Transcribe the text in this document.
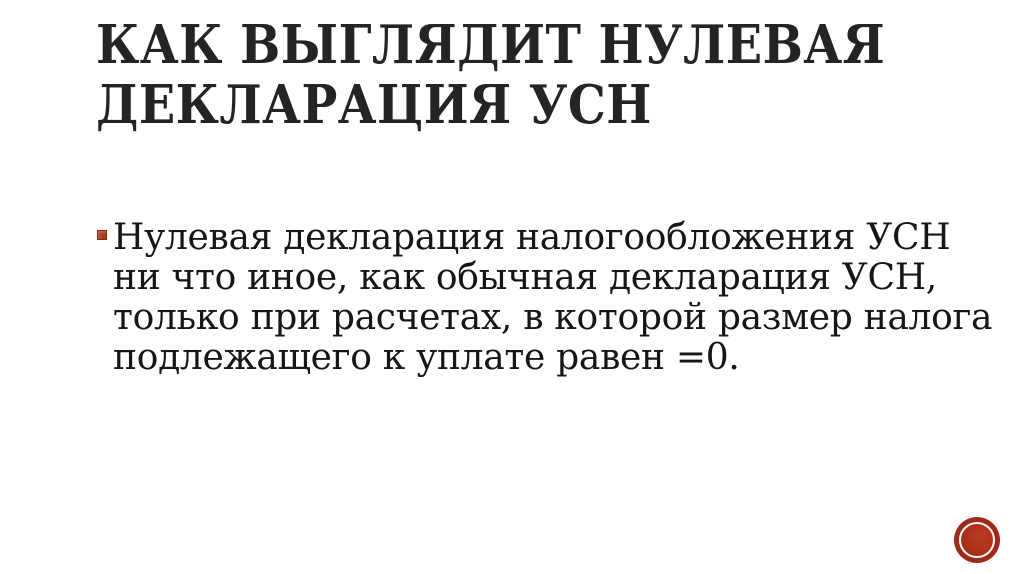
КАК ВЫГЛЯДИТ НУЛЕВАЯ
ДЕКЛАРАЦИЯ УСН
Нулевая декларация налогообложения УСН
ни что иное, как обычная декларация УСН,
только при расчетах, в которой размер налога
подлежащего к уплате равен =0.
